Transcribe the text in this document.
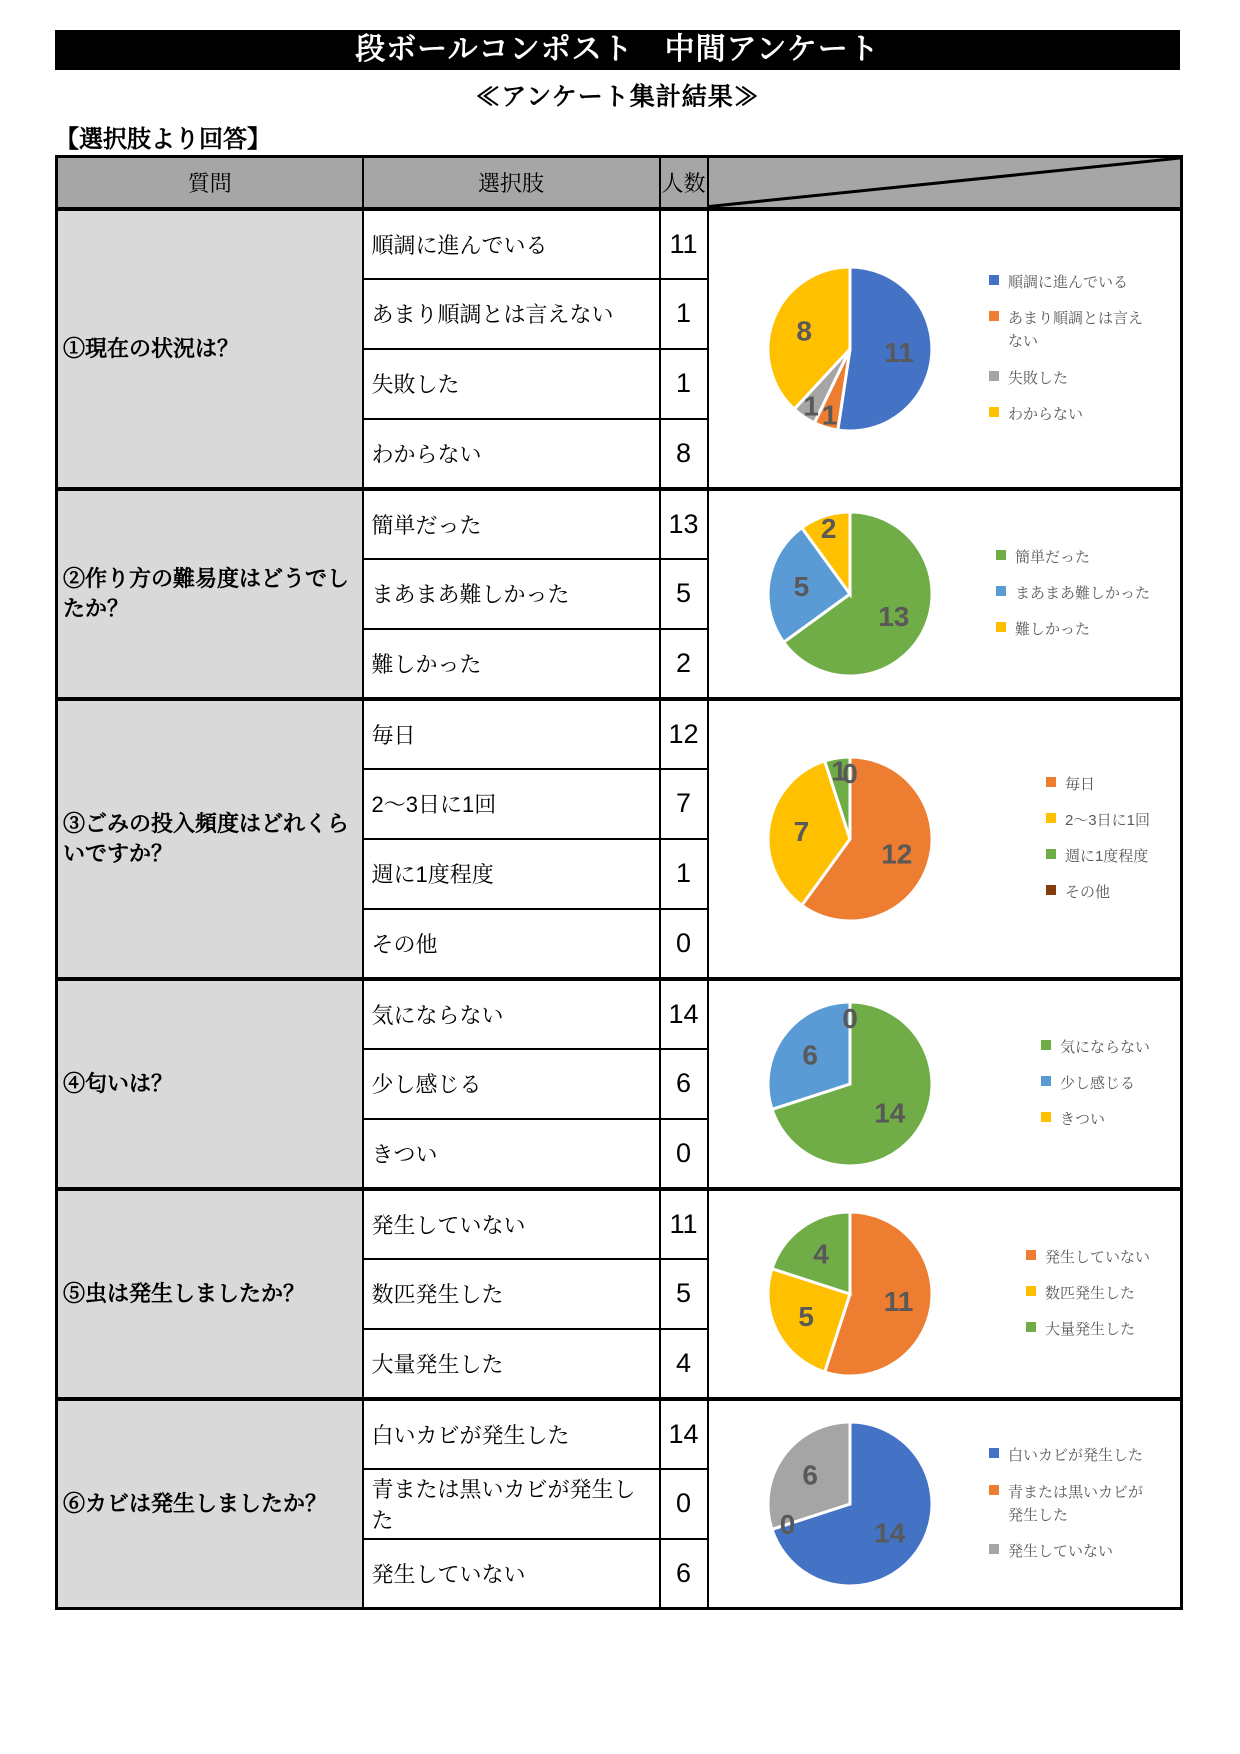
段ボールコンポスト　中間アンケート
≪アンケート集計結果≫
【選択肢より回答】
質問	選択肢	人数	

①現在の状況は？	順調に進んでいる	11	
11
1
1
8
順調に進んでいる
あまり順調とは言えない
失敗した
わからない

	あまり順調とは言えない	1	
	失敗した	1	
	わからない	8	
②作り方の難易度はどうでしたか？	簡単だった	13	
13
5
2
簡単だった
まあまあ難しかった
難しかった

	まあまあ難しかった	5	
	難しかった	2	
③ごみの投入頻度はどれくらいですか？	毎日	12	
12
7
1
0	毎日
2～3日に1回
週に1度程度
その他

	2～3日に1回	7	
	週に1度程度	1	
	その他	0	
④匂いは？	気にならない	14	
14
6
0
気にならない
少し感じる
きつい

	少し感じる	6	
	きつい	0	
⑤虫は発生しましたか？	発生していない	11	
11
5
4	発生していない
数匹発生した
大量発生した

	数匹発生した	5	
	大量発生した	4	
⑥カビは発生しましたか？	白いカビが発生した	14	
14
0
6
白いカビが発生した
青または黒いカビが発生した
発生していない

	青または黒いカビが発生した	0	
	発生していない	6	
